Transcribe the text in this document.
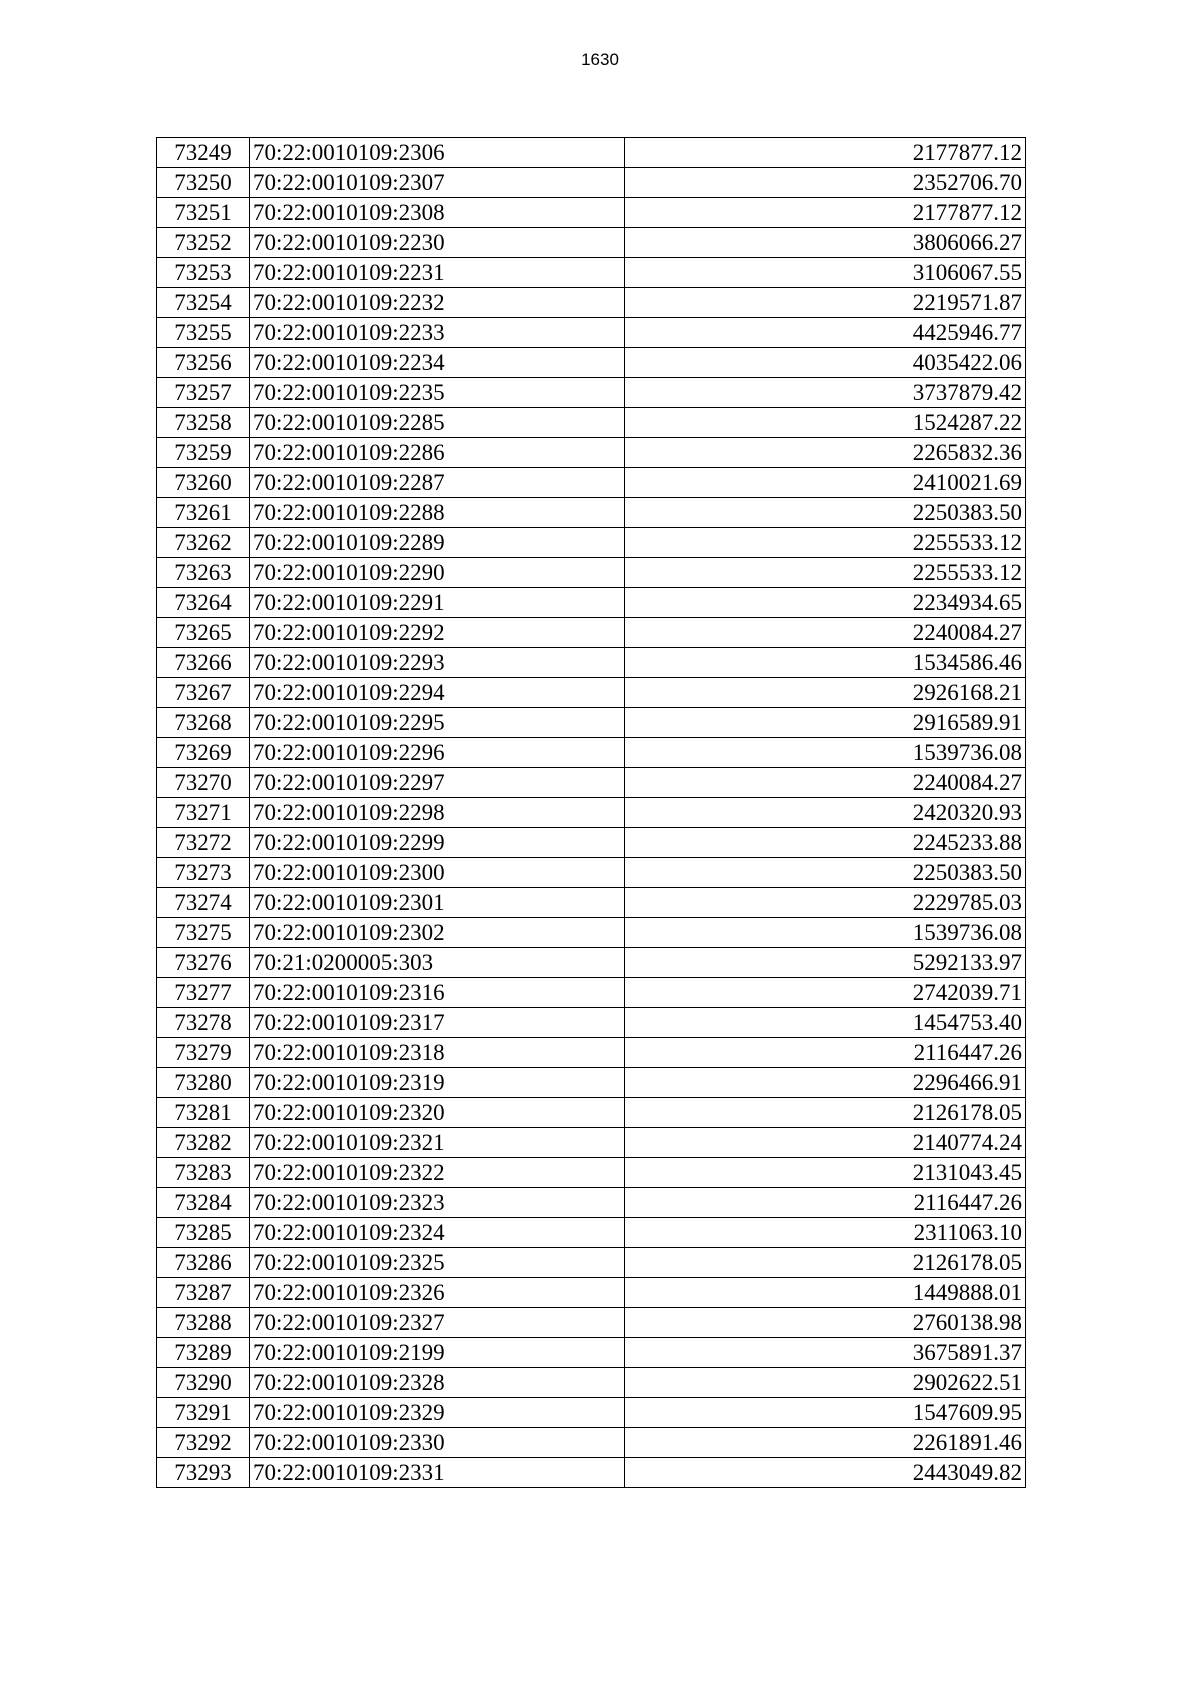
1630
73249	70:22:0010109:2306	2177877.12
73250	70:22:0010109:2307	2352706.70
73251	70:22:0010109:2308	2177877.12
73252	70:22:0010109:2230	3806066.27
73253	70:22:0010109:2231	3106067.55
73254	70:22:0010109:2232	2219571.87
73255	70:22:0010109:2233	4425946.77
73256	70:22:0010109:2234	4035422.06
73257	70:22:0010109:2235	3737879.42
73258	70:22:0010109:2285	1524287.22
73259	70:22:0010109:2286	2265832.36
73260	70:22:0010109:2287	2410021.69
73261	70:22:0010109:2288	2250383.50
73262	70:22:0010109:2289	2255533.12
73263	70:22:0010109:2290	2255533.12
73264	70:22:0010109:2291	2234934.65
73265	70:22:0010109:2292	2240084.27
73266	70:22:0010109:2293	1534586.46
73267	70:22:0010109:2294	2926168.21
73268	70:22:0010109:2295	2916589.91
73269	70:22:0010109:2296	1539736.08
73270	70:22:0010109:2297	2240084.27
73271	70:22:0010109:2298	2420320.93
73272	70:22:0010109:2299	2245233.88
73273	70:22:0010109:2300	2250383.50
73274	70:22:0010109:2301	2229785.03
73275	70:22:0010109:2302	1539736.08
73276	70:21:0200005:303	5292133.97
73277	70:22:0010109:2316	2742039.71
73278	70:22:0010109:2317	1454753.40
73279	70:22:0010109:2318	2116447.26
73280	70:22:0010109:2319	2296466.91
73281	70:22:0010109:2320	2126178.05
73282	70:22:0010109:2321	2140774.24
73283	70:22:0010109:2322	2131043.45
73284	70:22:0010109:2323	2116447.26
73285	70:22:0010109:2324	2311063.10
73286	70:22:0010109:2325	2126178.05
73287	70:22:0010109:2326	1449888.01
73288	70:22:0010109:2327	2760138.98
73289	70:22:0010109:2199	3675891.37
73290	70:22:0010109:2328	2902622.51
73291	70:22:0010109:2329	1547609.95
73292	70:22:0010109:2330	2261891.46
73293	70:22:0010109:2331	2443049.82
